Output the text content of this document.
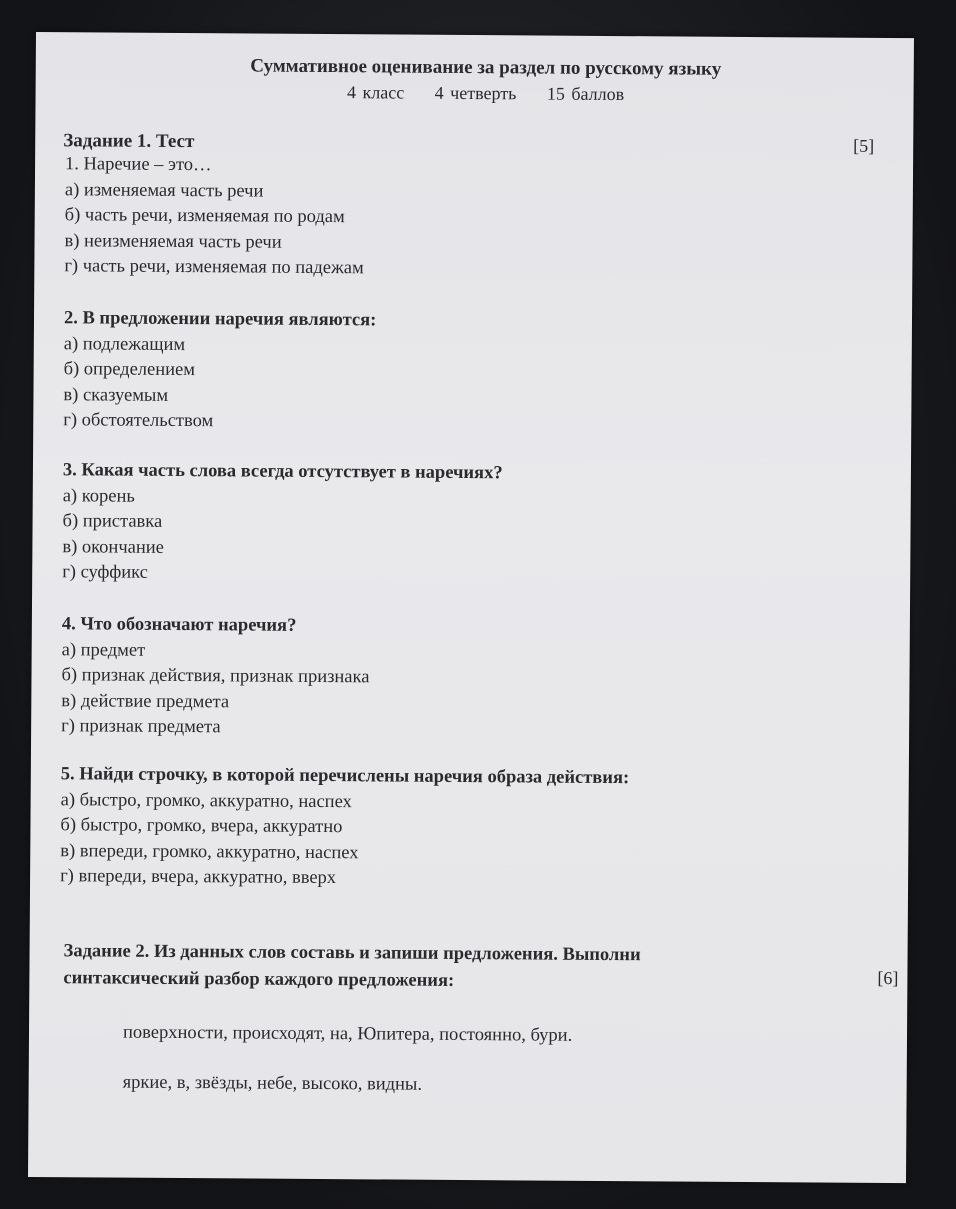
Суммативное оценивание за раздел по русскому языку
4 класс 4 четверть 15 баллов
Задание 1. Тест	[5]
1. Наречие – это…
а) изменяемая часть речи
б) часть речи, изменяемая по родам
в) неизменяемая часть речи
г) часть речи, изменяемая по падежам
2. В предложении наречия являются:
а) подлежащим
б) определением
в) сказуемым
г) обстоятельством
3. Какая часть слова всегда отсутствует в наречиях?
а) корень
б) приставка
в) окончание
г) суффикс
4. Что обозначают наречия?
а) предмет
б) признак действия, признак признака
в) действие предмета
г) признак предмета
5. Найди строчку, в которой перечислены наречия образа действия:
а) быстро, громко, аккуратно, наспех
б) быстро, громко, вчера, аккуратно
в) впереди, громко, аккуратно, наспех
г) впереди, вчера, аккуратно, вверх
Задание 2. Из данных слов составь и запиши предложения. Выполни
синтаксический разбор каждого предложения:	[6]
поверхности, происходят, на, Юпитера, постоянно, бури.
яркие, в, звёзды, небе, высоко, видны.
